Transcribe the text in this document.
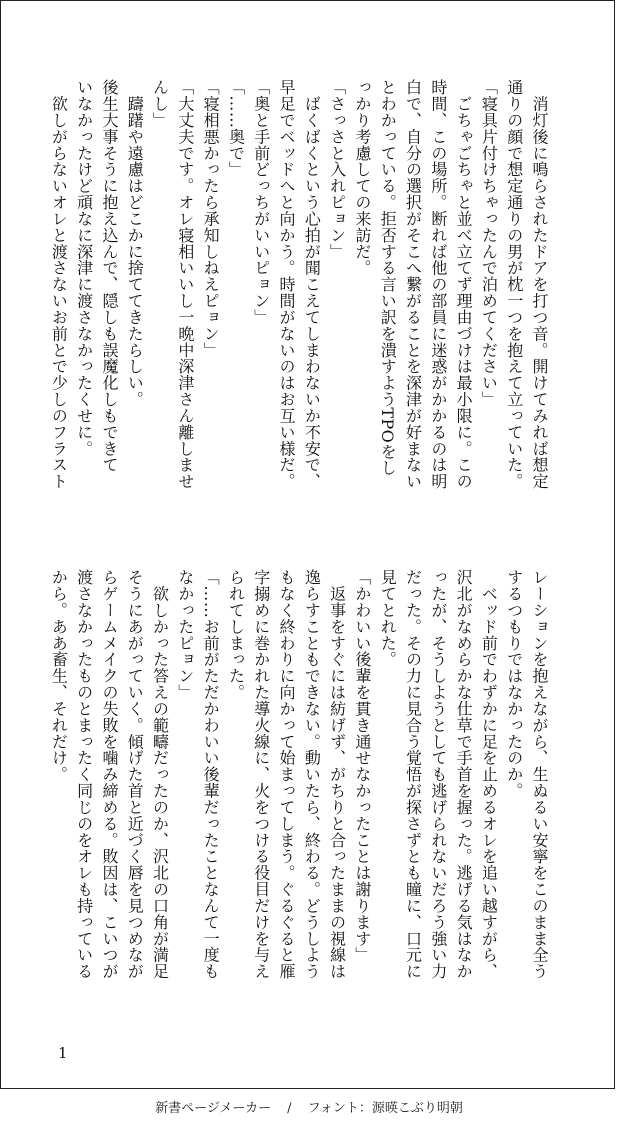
　消灯後に鳴らされたドアを打つ音。開けてみれば想定
通りの顔で想定通りの男が枕一つを抱えて立っていた。
「寝具片付けちゃったんで泊めてください」
　ごちゃごちゃと並べ立てず理由づけは最小限に。この
時間、この場所。断れば他の部員に迷惑がかかるのは明
白で、自分の選択がそこへ繋がることを深津が好まない
とわかっている。拒否する言い訳を潰すようTPOをし
っかり考慮しての来訪だ。
「さっさと入れピョン」
　ばくばくという心拍が聞こえてしまわないか不安で、
早足でベッドへと向かう。時間がないのはお互い様だ。
「奥と手前どっちがいいピョン」
「……奥で」
「寝相悪かったら承知しねえピョン」
「大丈夫です。オレ寝相いいし一晩中深津さん離しませ
んし」
　躊躇や遠慮はどこかに捨ててきたらしい。
後生大事そうに抱え込んで、隠しも誤魔化しもできて
いなかったけど頑なに深津に渡さなかったくせに。
　欲しがらないオレと渡さないお前とで少しのフラスト
レーションを抱えながら、生ぬるい安寧をこのまま全う
するつもりではなかったのか。
　ベッド前でわずかに足を止めるオレを追い越すがら、
沢北がなめらかな仕草で手首を握った。逃げる気はなか
ったが、そうしようとしても逃げられないだろう強い力
だった。その力に見合う覚悟が探さずとも瞳に、口元に
見てとれた。
「かわいい後輩を貫き通せなかったことは謝ります」
　返事をすぐには紡げず、がちりと合ったままの視線は
逸らすこともできない。動いたら、終わる。どうしよう
もなく終わりに向かって始まってしまう。ぐるぐると雁
字搦めに巻かれた導火線に、火をつける役目だけを与え
られてしまった。
「……お前がただかわいい後輩だったことなんて一度も
なかったピョン」
　欲しかった答えの範疇だったのか、沢北の口角が満足
そうにあがっていく。傾げた首と近づく唇を見つめなが
らゲームメイクの失敗を噛み締める。敗因は、こいつが
渡さなかったものとまったく同じのをオレも持っている
から。ああ畜生、それだけ。
1
新書ページメーカー / フォント：源暎こぶり明朝
